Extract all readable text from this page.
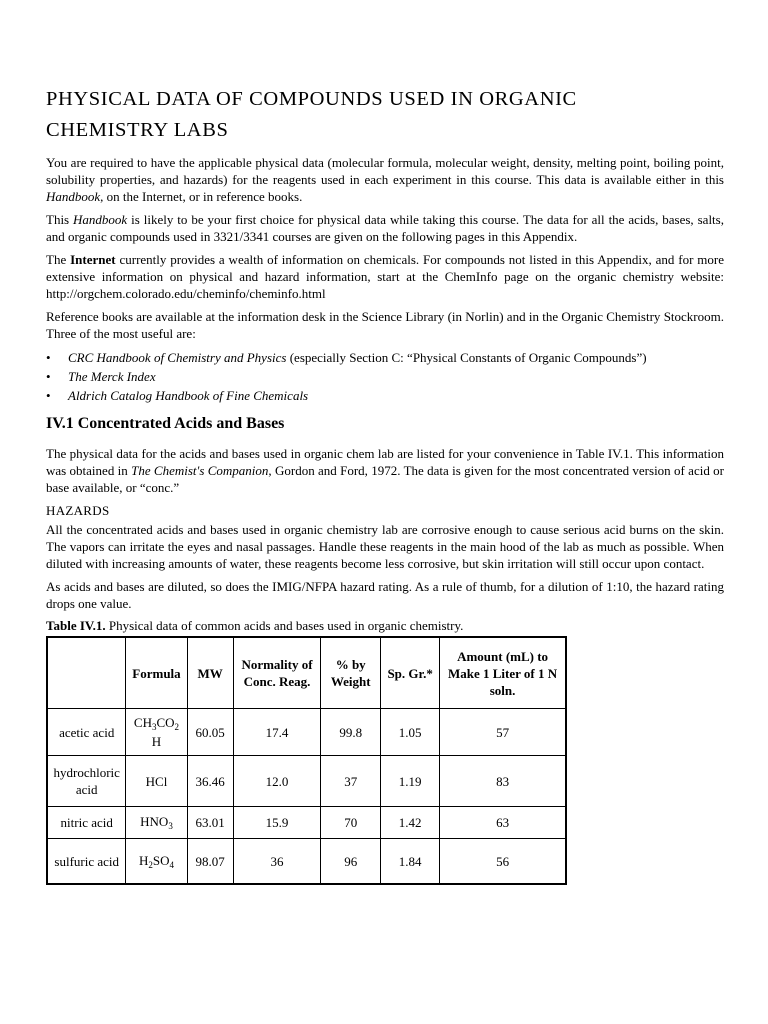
PHYSICAL DATA OF COMPOUNDS USED IN ORGANIC
CHEMISTRY LABS

You are required to have the applicable physical data (molecular formula, molecular weight, density, melting point, boiling point, solubility properties, and hazards) for the reagents used in each experiment in this course. This data is available either in this Handbook, on the Internet, or in reference books.

This Handbook is likely to be your first choice for physical data while taking this course. The data for all the acids, bases, salts, and organic compounds used in 3321/3341 courses are given on the following pages in this Appendix.

The Internet currently provides a wealth of information on chemicals. For compounds not listed in this Appendix, and for more extensive information on physical and hazard information, start at the ChemInfo page on the organic chemistry website: http://orgchem.colorado.edu/cheminfo/cheminfo.html

Reference books are available at the information desk in the Science Library (in Norlin) and in the Organic Chemistry Stockroom. Three of the most useful are:

• CRC Handbook of Chemistry and Physics (especially Section C: “Physical Constants of Organic Compounds”)
• The Merck Index
• Aldrich Catalog Handbook of Fine Chemicals
IV.1 Concentrated Acids and Bases

The physical data for the acids and bases used in organic chem lab are listed for your convenience in Table IV.1. This information was obtained in The Chemist's Companion, Gordon and Ford, 1972. The data is given for the most concentrated version of acid or base available, or “conc.”

HAZARDS

All the concentrated acids and bases used in organic chemistry lab are corrosive enough to cause serious acid burns on the skin. The vapors can irritate the eyes and nasal passages. Handle these reagents in the main hood of the lab as much as possible. When diluted with increasing amounts of water, these reagents become less corrosive, but skin irritation will still occur upon contact.

As acids and bases are diluted, so does the IMIG/NFPA hazard rating. As a rule of thumb, for a dilution of 1:10, the hazard rating drops one value.

Table IV.1. Physical data of common acids and bases used in organic chemistry.
	Formula	MW	Normality of Conc. Reag.	% by Weight	Sp. Gr.*	Amount (mL) to Make 1 Liter of 1 N soln.
acetic acid	$CH_3CO_2$
H	60.05	17.4	99.8	1.05	57
hydrochloric acid	HCl	36.46	12.0	37	1.19	83
nitric acid	$HNO_3$	63.01	15.9	70	1.42	63
sulfuric acid	$H_2SO_4$	98.07	36	96	1.84	56
